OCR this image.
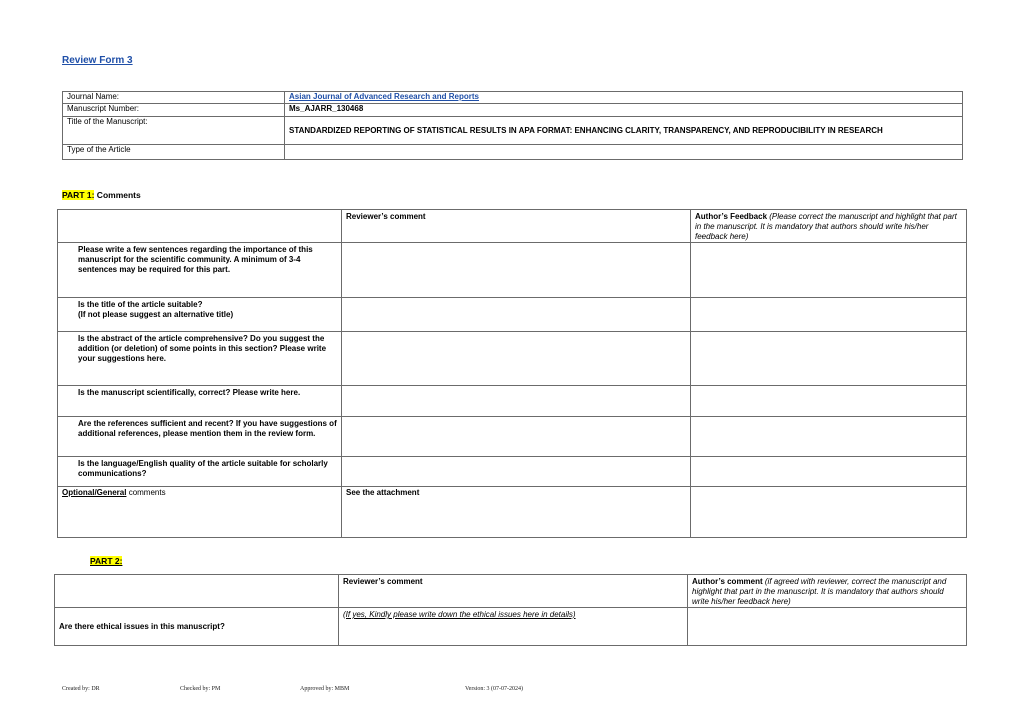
Review Form 3
Journal Name:	Asian Journal of Advanced Research and Reports
Manuscript Number:	Ms_AJARR_130468
Title of the Manuscript:	STANDARDIZED REPORTING OF STATISTICAL RESULTS IN APA FORMAT: ENHANCING CLARITY, TRANSPARENCY, AND REPRODUCIBILITY IN RESEARCH
Type of the Article	
PART 1: Comments
	Reviewer’s comment	Author’s Feedback (Please correct the manuscript and highlight that part in the manuscript. It is mandatory that authors should write his/her feedback here)
Please write a few sentences regarding the importance of this manuscript for the scientific community. A minimum of 3-4 sentences may be required for this part.		
Is the title of the article suitable?
(If not please suggest an alternative title)		
Is the abstract of the article comprehensive? Do you suggest the addition (or deletion) of some points in this section? Please write your suggestions here.		
Is the manuscript scientifically, correct? Please write here.		
Are the references sufficient and recent? If you have suggestions of additional references, please mention them in the review form.		
Is the language/English quality of the article suitable for scholarly communications?		
Optional/General comments	See the attachment	
PART 2:
	Reviewer’s comment	Author’s comment (if agreed with reviewer, correct the manuscript and highlight that part in the manuscript. It is mandatory that authors should write his/her feedback here)
Are there ethical issues in this manuscript?	(If yes, Kindly please write down the ethical issues here in details)	
Created by: DR	Checked by: PM	Approved by: MBM	Version: 3 (07-07-2024)
